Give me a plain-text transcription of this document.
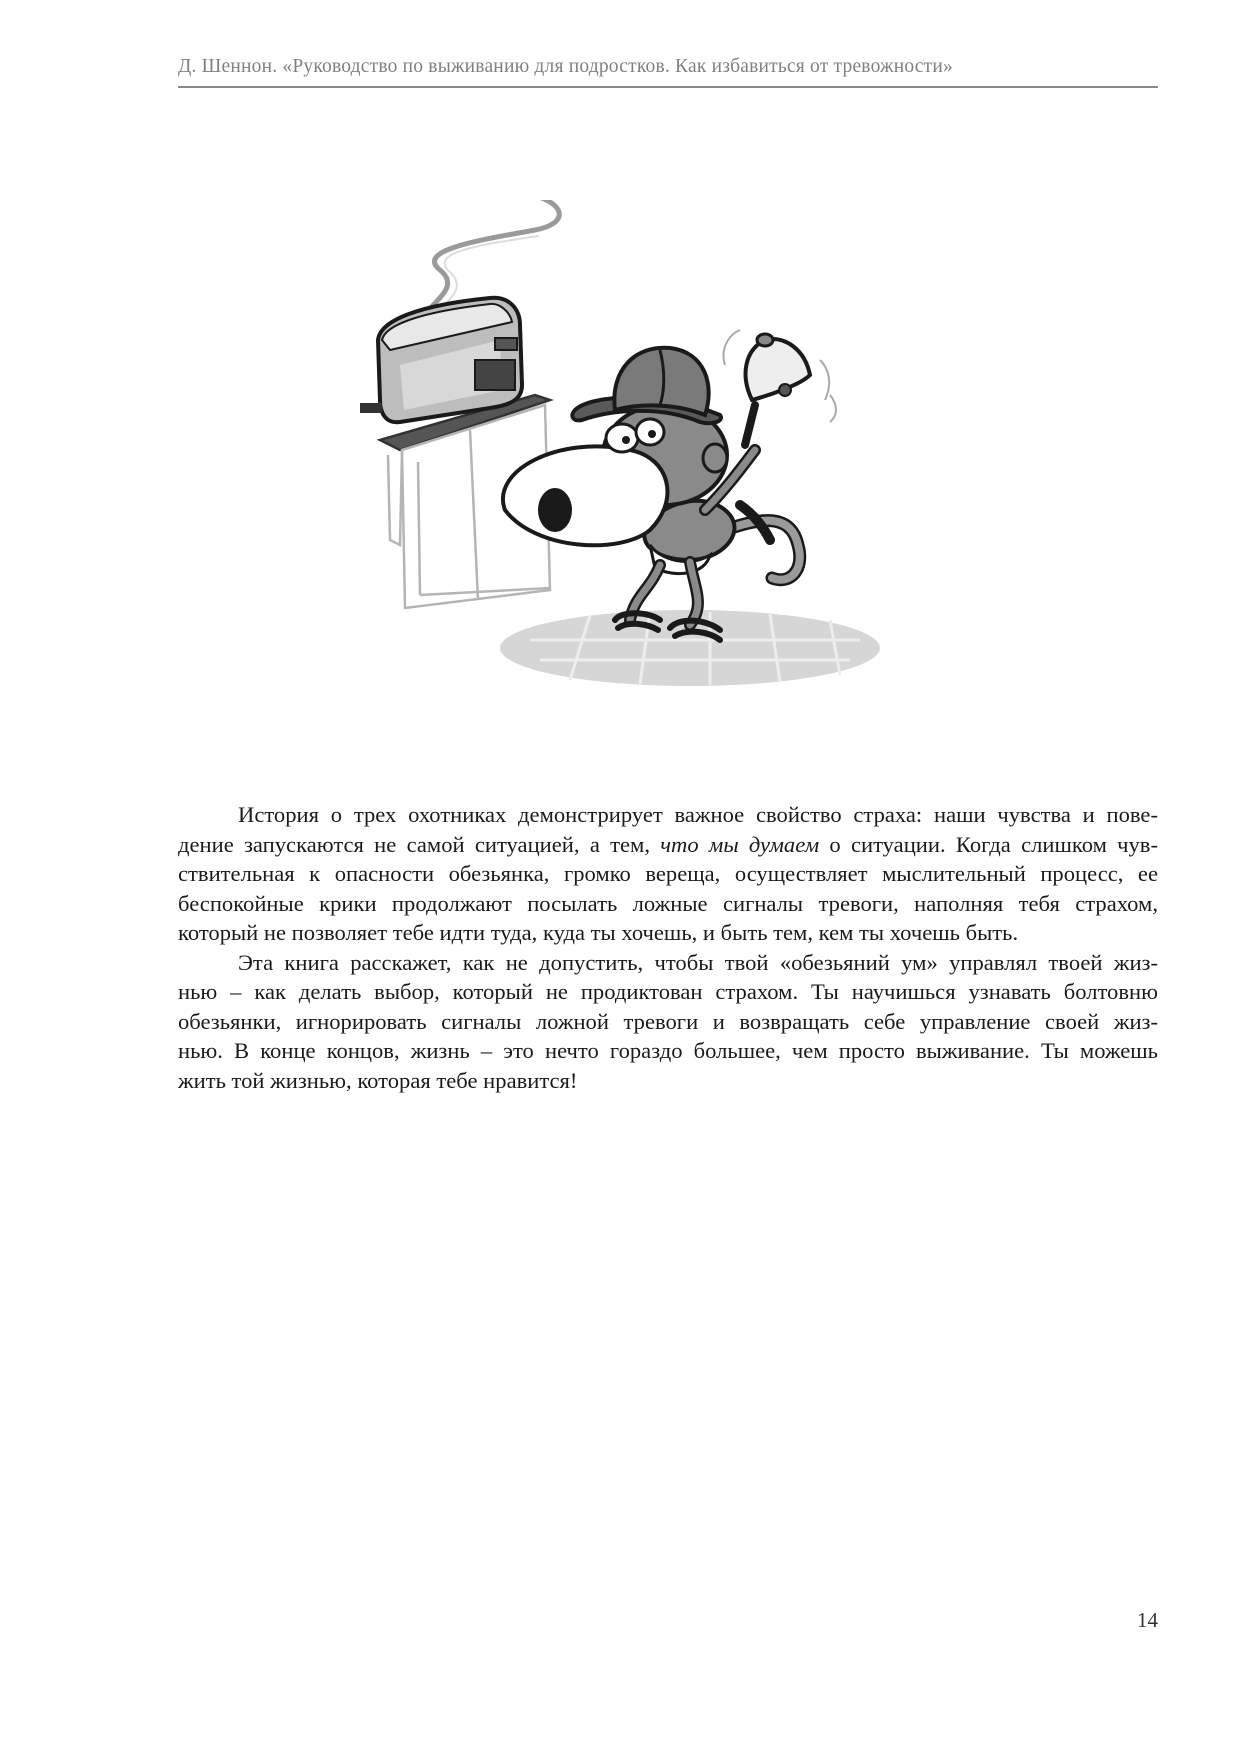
Д. Шеннон. «Руководство по выживанию для подростков. Как избавиться от тревожности»
История о трех охотниках демонстрирует важное свойство страха: наши чувства и пове-
дение запускаются не самой ситуацией, а тем, что мы думаем о ситуации. Когда слишком чув-
ствительная к опасности обезьянка, громко вереща, осуществляет мыслительный процесс, ее
беспокойные крики продолжают посылать ложные сигналы тревоги, наполняя тебя страхом,
который не позволяет тебе идти туда, куда ты хочешь, и быть тем, кем ты хочешь быть.
Эта книга расскажет, как не допустить, чтобы твой «обезьяний ум» управлял твоей жиз-
нью – как делать выбор, который не продиктован страхом. Ты научишься узнавать болтовню
обезьянки, игнорировать сигналы ложной тревоги и возвращать себе управление своей жиз-
нью. В конце концов, жизнь – это нечто гораздо большее, чем просто выживание. Ты можешь
жить той жизнью, которая тебе нравится!
14
